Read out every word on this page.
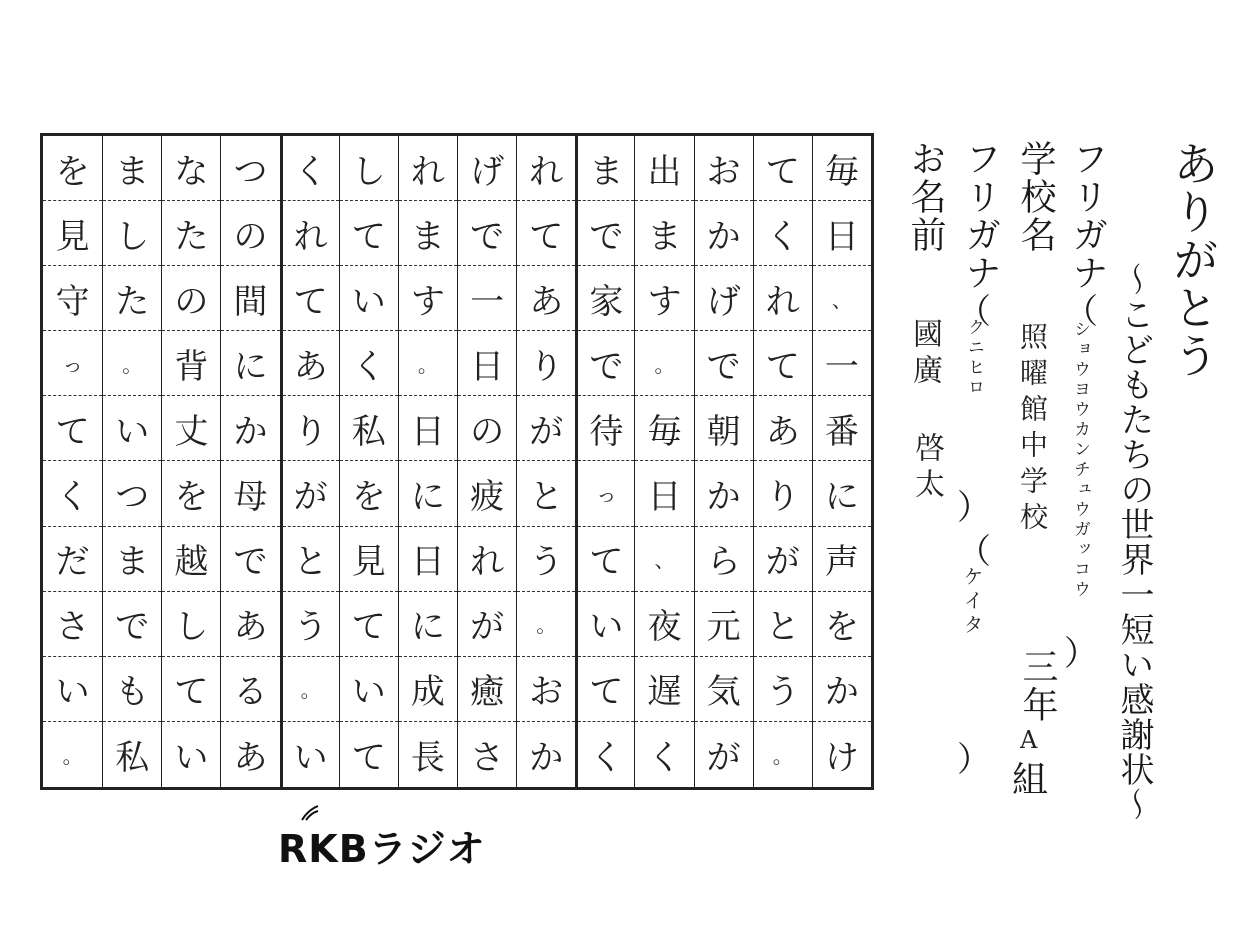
ありがとう
〜こどもたちの世界一短い感謝状〜
フリガナ
（
ショウヨウカンチュウガッコウ
）
学校名
照曜館中学校
三年
A
組
フリガナ
（
クニヒロ
）
（
ケイタ
）
お名前
國廣
啓太
毎
日
、
一
番
に
声
を
か
け
て
く
れ
て
あ
り
が
と
う
。
お
か
げ
で
朝
か
ら
元
気
が
出
ま
す
。
毎
日
、
夜
遅
く
ま
で
家
で
待
っ
て
い
て
く
れ
て
あ
り
が
と
う
。
お
か
げ
で
一
日
の
疲
れ
が
癒
さ
れ
ま
す
。
日
に
日
に
成
長
し
て
い
く
私
を
見
て
い
て
く
れ
て
あ
り
が
と
う
。
い
つ
の
間
に
か
母
で
あ
る
あ
な
た
の
背
丈
を
越
し
て
い
ま
し
た
。
い
つ
ま
で
も
私
を
見
守
っ
て
く
だ
さ
い
。
RKBラジオ
